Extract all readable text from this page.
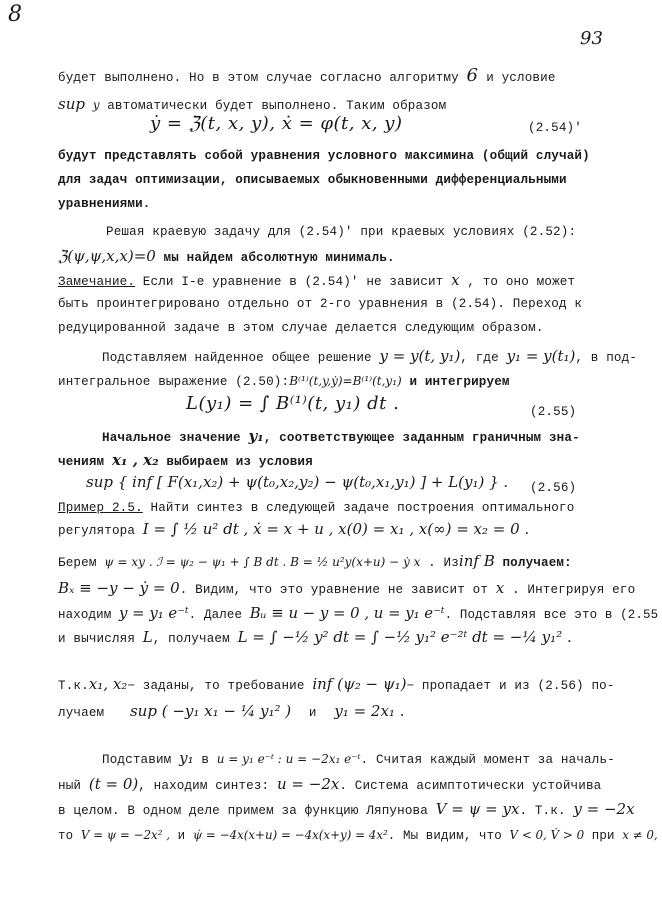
8
93
будет выполнено. Но в этом случае согласно алгоритму 6 и условие
sup y автоматически будет выполнено. Таким образом
ẏ = ℨ(t, x, y), ẋ = φ(t, x, y)	(2.54)′
будут представлять собой уравнения условного максимина (общий случай)
для задач оптимизации, описываемых обыкновенными дифференциальными
уравнениями.
Решая краевую задачу для (2.54)′ при краевых условиях (2.52):
ℨ(ψ,ψ,x,x)=0 мы найдем абсолютную минималь.
Замечание. Если I-е уравнение в (2.54)′ не зависит x , то оно может
быть проинтегрировано отдельно от 2-го уравнения в (2.54). Переход к
редуцированной задаче в этом случае делается следующим образом.
Подставляем найденное общее решение y = y(t, y₁), где y₁ = y(t₁), в под-
интегральное выражение (2.50):B⁽¹⁾(t,y,ẏ)=B⁽¹⁾(t,y₁) и интегрируем
L(y₁) = ∫ B⁽¹⁾(t, y₁) dt .	(2.55)
Начальное значение y₁, соответствующее заданным граничным зна-
чениям x₁ , x₂ выбираем из условия
sup { inf [ F(x₁,x₂) + ψ(t₀,x₂,y₂) − ψ(t₀,x₁,y₁) ] + L(y₁) } . (2.56)
Пример 2.5. Найти синтез в следующей задаче построения оптимального
регулятора I = ∫ ½ u² dt , ẋ = x + u , x(0) = x₁ , x(∞) = x₂ = 0 .
Берем ψ = xy . ℐ = ψ₂ − ψ₁ + ∫ B dt . B = ½ u²y(x+u) − ẏ x . Изinf B получаем:
Bₓ ≡ −y − ẏ = 0. Видим, что это уравнение не зависит от x . Интегрируя его
находим y = y₁ e⁻ᵗ. Далее Bᵤ ≡ u − y = 0 , u = y₁ e⁻ᵗ. Подставляя все это в (2.55
и вычисляя L, получаем L = ∫ −½ y² dt = ∫ −½ y₁² e⁻²ᵗ dt = −¼ y₁² .
Т.к.x₁, x₂− заданы, то требование inf (ψ₂ − ψ₁)− пропадает и из (2.56) по-
лучаем sup ( −y₁ x₁ − ¼ y₁² ) и y₁ = 2x₁ .
Подставим y₁ в u = y₁ e⁻ᵗ : u = −2x₁ e⁻ᵗ. Считая каждый момент за началь-
ный (t = 0), находим синтез: u = −2x. Система асимптотически устойчива
в целом. В одном деле примем за функцию Ляпунова V = ψ = yx. Т.к. y = −2x
то V = ψ = −2x² , и ψ̇ = −4x(x+u) = −4x(x+y) = 4x². Мы видим, что V < 0, V̇ > 0 при x ≠ 0,
